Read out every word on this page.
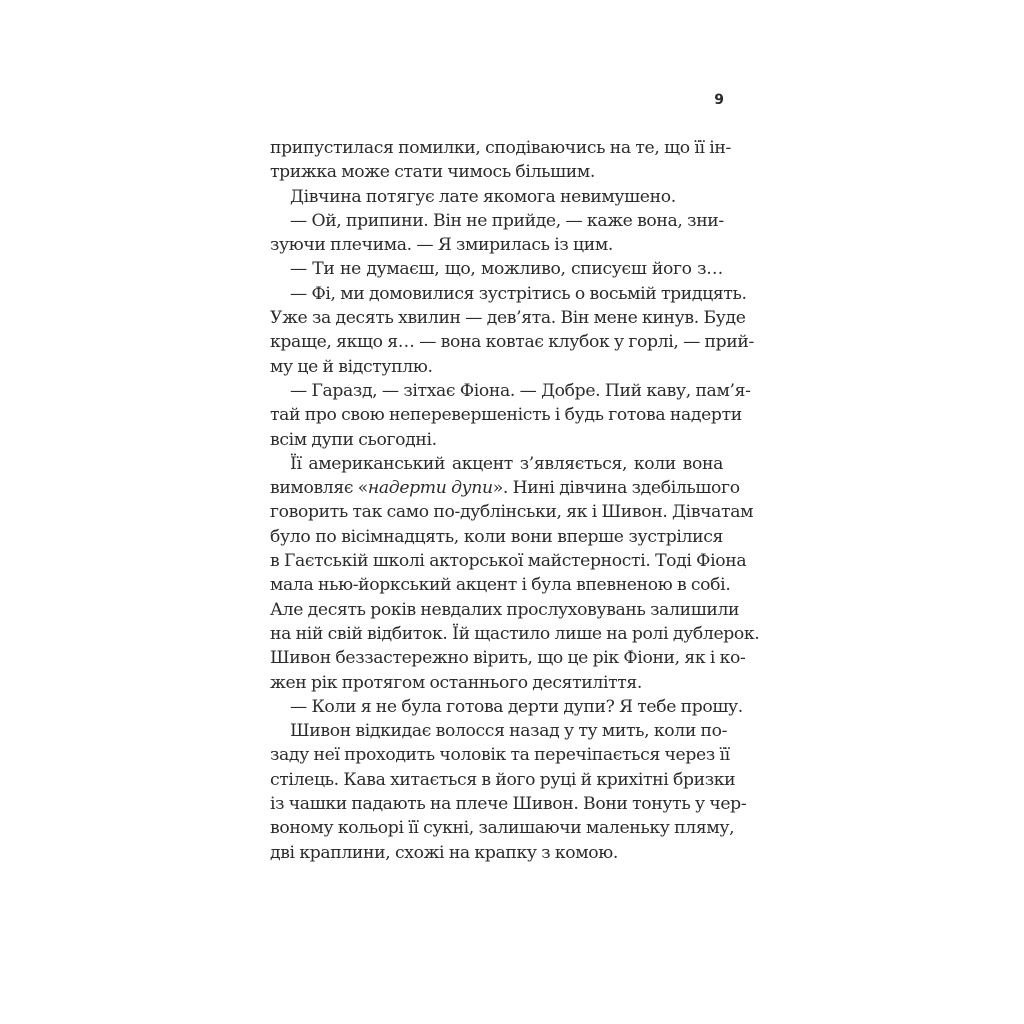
9
припустилася помилки, сподіваючись на те, що її ін-
трижка може стати чимось більшим.
Дівчина потягує лате якомога невимушено.
— Ой, припини. Він не прийде, — каже вона, зни-
зуючи плечима. — Я змирилась із цим.
— Ти не думаєш, що, можливо, списуєш його з…
— Фі, ми домовилися зустрітись о восьмій тридцять.
Уже за десять хвилин — дев’ята. Він мене кинув. Буде
краще, якщо я… — вона ковтає клубок у горлі, — прий-
му це й відступлю.
— Гаразд, — зітхає Фіона. — Добре. Пий каву, пам’я-
тай про свою неперевершеність і будь готова надерти
всім дупи сьогодні.
Її американський акцент з’являється, коли вона
вимовляє «надерти дупи». Нині дівчина здебільшого
говорить так само по-дублінськи, як і Шивон. Дівчатам
було по вісімнадцять, коли вони вперше зустрілися
в Гаєтській школі акторської майстерності. Тоді Фіона
мала нью-йоркський акцент і була впевненою в собі.
Але десять років невдалих прослуховувань залишили
на ній свій відбиток. Їй щастило лише на ролі дублерок.
Шивон беззастережно вірить, що це рік Фіони, як і ко-
жен рік протягом останнього десятиліття.
— Коли я не була готова дерти дупи? Я тебе прошу.
Шивон відкидає волосся назад у ту мить, коли по-
заду неї проходить чоловік та перечіпається через її
стілець. Кава хитається в його руці й крихітні бризки
із чашки падають на плече Шивон. Вони тонуть у чер-
воному кольорі її сукні, залишаючи маленьку пляму,
дві краплини, схожі на крапку з комою.
